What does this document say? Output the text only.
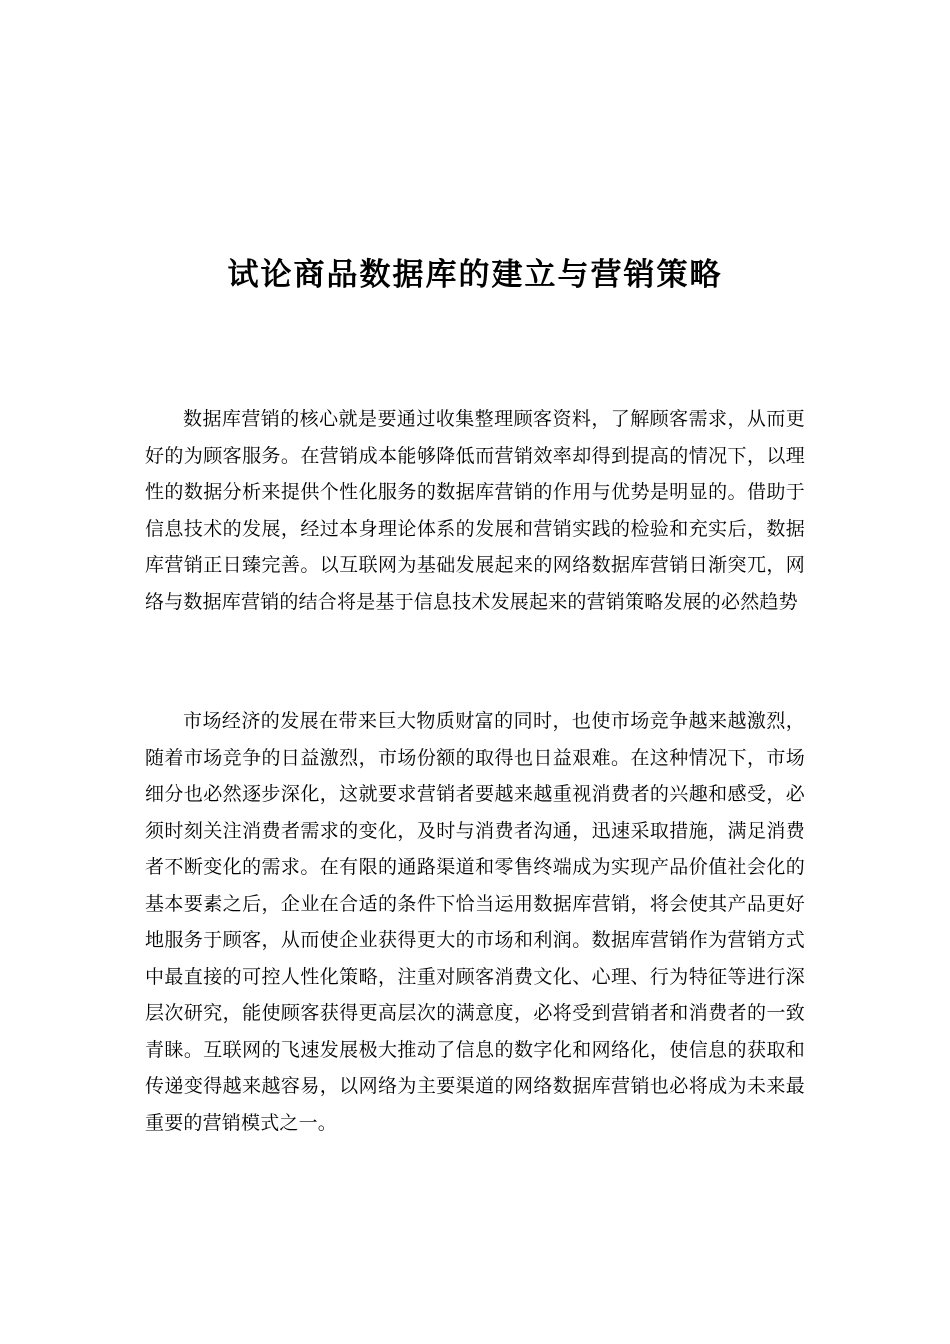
试论商品数据库的建立与营销策略

数据库营销的核心就是要通过收集整理顾客资料，了解顾客需求，从而更好的为顾客服务。在营销成本能够降低而营销效率却得到提高的情况下，以理性的数据分析来提供个性化服务的数据库营销的作用与优势是明显的。借助于信息技术的发展，经过本身理论体系的发展和营销实践的检验和充实后，数据库营销正日臻完善。以互联网为基础发展起来的网络数据库营销日渐突兀，网络与数据库营销的结合将是基于信息技术发展起来的营销策略发展的必然趋势

市场经济的发展在带来巨大物质财富的同时，也使市场竞争越来越激烈，随着市场竞争的日益激烈，市场份额的取得也日益艰难。在这种情况下，市场细分也必然逐步深化，这就要求营销者要越来越重视消费者的兴趣和感受，必须时刻关注消费者需求的变化，及时与消费者沟通，迅速采取措施，满足消费者不断变化的需求。在有限的通路渠道和零售终端成为实现产品价值社会化的基本要素之后，企业在合适的条件下恰当运用数据库营销，将会使其产品更好地服务于顾客，从而使企业获得更大的市场和利润。数据库营销作为营销方式中最直接的可控人性化策略，注重对顾客消费文化、心理、行为特征等进行深层次研究，能使顾客获得更高层次的满意度，必将受到营销者和消费者的一致青睐。互联网的飞速发展极大推动了信息的数字化和网络化，使信息的获取和传递变得越来越容易，以网络为主要渠道的网络数据库营销也必将成为未来最重要的营销模式之一。
